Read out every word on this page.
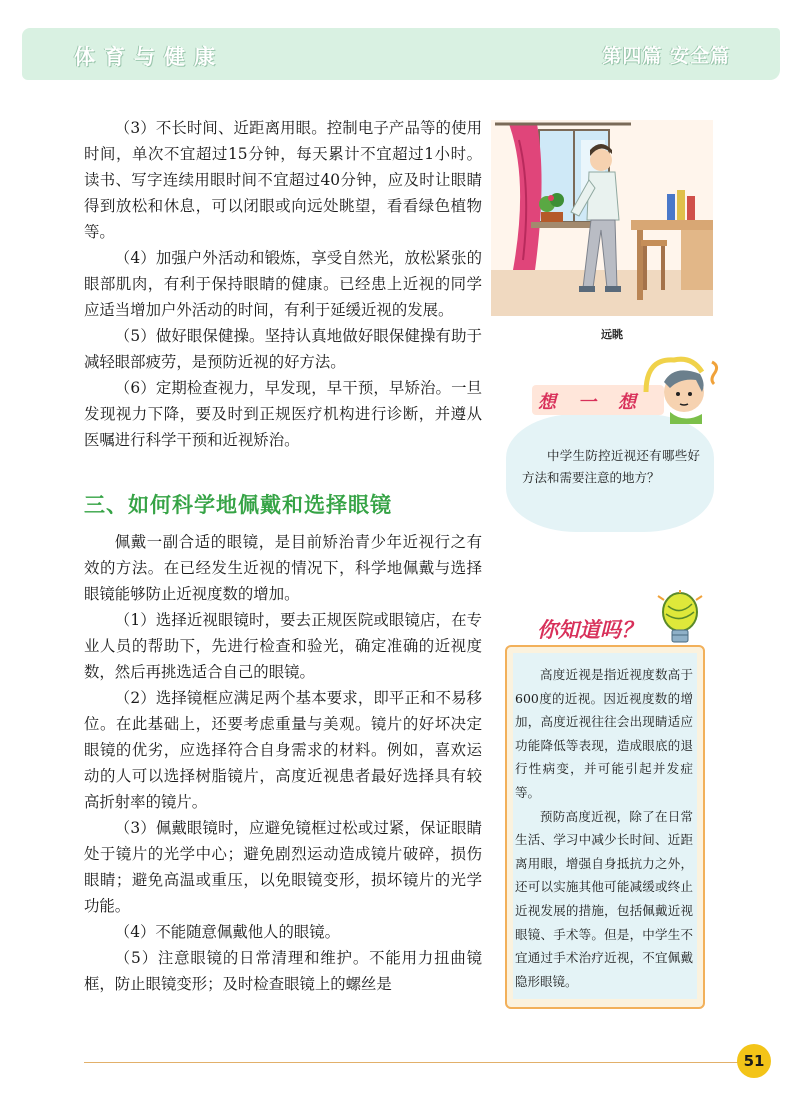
体育与健康	第四篇 安全篇

（3）不长时间、近距离用眼。控制电子产品等的使用时间，单次不宜超过15分钟，每天累计不宜超过1小时。读书、写字连续用眼时间不宜超过40分钟，应及时让眼睛得到放松和休息，可以闭眼或向远处眺望，看看绿色植物等。

（4）加强户外活动和锻炼，享受自然光，放松紧张的眼部肌肉，有利于保持眼睛的健康。已经患上近视的同学应适当增加户外活动的时间，有利于延缓近视的发展。

（5）做好眼保健操。坚持认真地做好眼保健操有助于减轻眼部疲劳，是预防近视的好方法。

（6）定期检查视力，早发现，早干预，早矫治。一旦发现视力下降，要及时到正规医疗机构进行诊断，并遵从医嘱进行科学干预和近视矫治。

三、如何科学地佩戴和选择眼镜

佩戴一副合适的眼镜，是目前矫治青少年近视行之有效的方法。在已经发生近视的情况下，科学地佩戴与选择眼镜能够防止近视度数的增加。

（1）选择近视眼镜时，要去正规医院或眼镜店，在专业人员的帮助下，先进行检查和验光，确定准确的近视度数，然后再挑选适合自己的眼镜。

（2）选择镜框应满足两个基本要求，即平正和不易移位。在此基础上，还要考虑重量与美观。镜片的好坏决定眼镜的优劣，应选择符合自身需求的材料。例如，喜欢运动的人可以选择树脂镜片，高度近视患者最好选择具有较高折射率的镜片。

（3）佩戴眼镜时，应避免镜框过松或过紧，保证眼睛处于镜片的光学中心；避免剧烈运动造成镜片破碎，损伤眼睛；避免高温或重压，以免眼镜变形，损坏镜片的光学功能。

（4）不能随意佩戴他人的眼镜。

（5）注意眼镜的日常清理和维护。不能用力扭曲镜框，防止眼镜变形；及时检查眼镜上的螺丝是

远眺
想一想
中学生防控近视还有哪些好方法和需要注意的地方？
你知道吗？

高度近视是指近视度数高于600度的近视。因近视度数的增加，高度近视往往会出现睛适应功能降低等表现，造成眼底的退行性病变，并可能引起并发症等。

预防高度近视，除了在日常生活、学习中减少长时间、近距离用眼，增强自身抵抗力之外，还可以实施其他可能减缓或终止近视发展的措施，包括佩戴近视眼镜、手术等。但是，中学生不宜通过手术治疗近视，不宜佩戴隐形眼镜。

51
